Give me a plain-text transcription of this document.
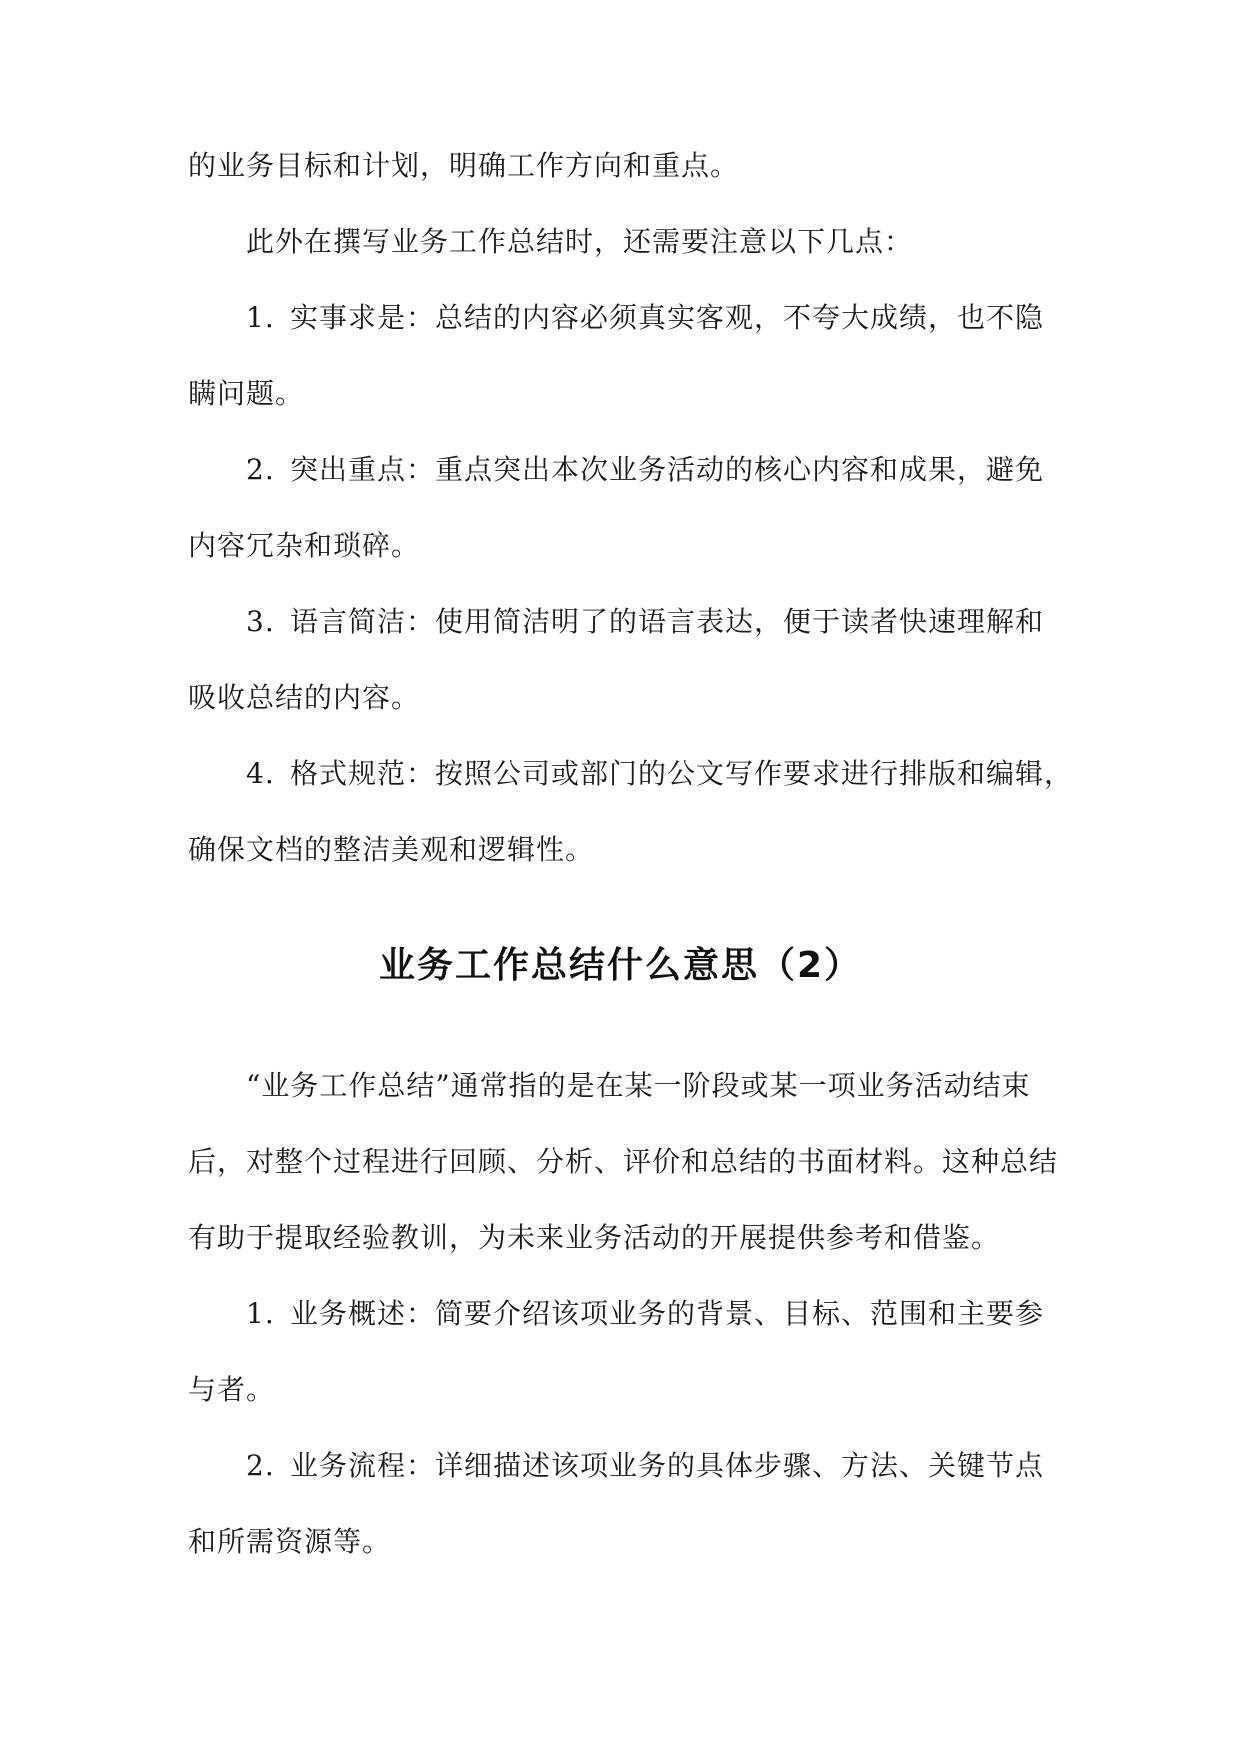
的业务目标和计划，明确工作方向和重点。
此外在撰写业务工作总结时，还需要注意以下几点：
1. 实事求是：总结的内容必须真实客观，不夸大成绩，也不隐
瞒问题。
2. 突出重点：重点突出本次业务活动的核心内容和成果，避免
内容冗杂和琐碎。
3. 语言简洁：使用简洁明了的语言表达，便于读者快速理解和
吸收总结的内容。
4. 格式规范：按照公司或部门的公文写作要求进行排版和编辑，
确保文档的整洁美观和逻辑性。
业务工作总结什么意思（2）
“业务工作总结”通常指的是在某一阶段或某一项业务活动结束
后，对整个过程进行回顾、分析、评价和总结的书面材料。这种总结
有助于提取经验教训，为未来业务活动的开展提供参考和借鉴。
1. 业务概述：简要介绍该项业务的背景、目标、范围和主要参
与者。
2. 业务流程：详细描述该项业务的具体步骤、方法、关键节点
和所需资源等。
